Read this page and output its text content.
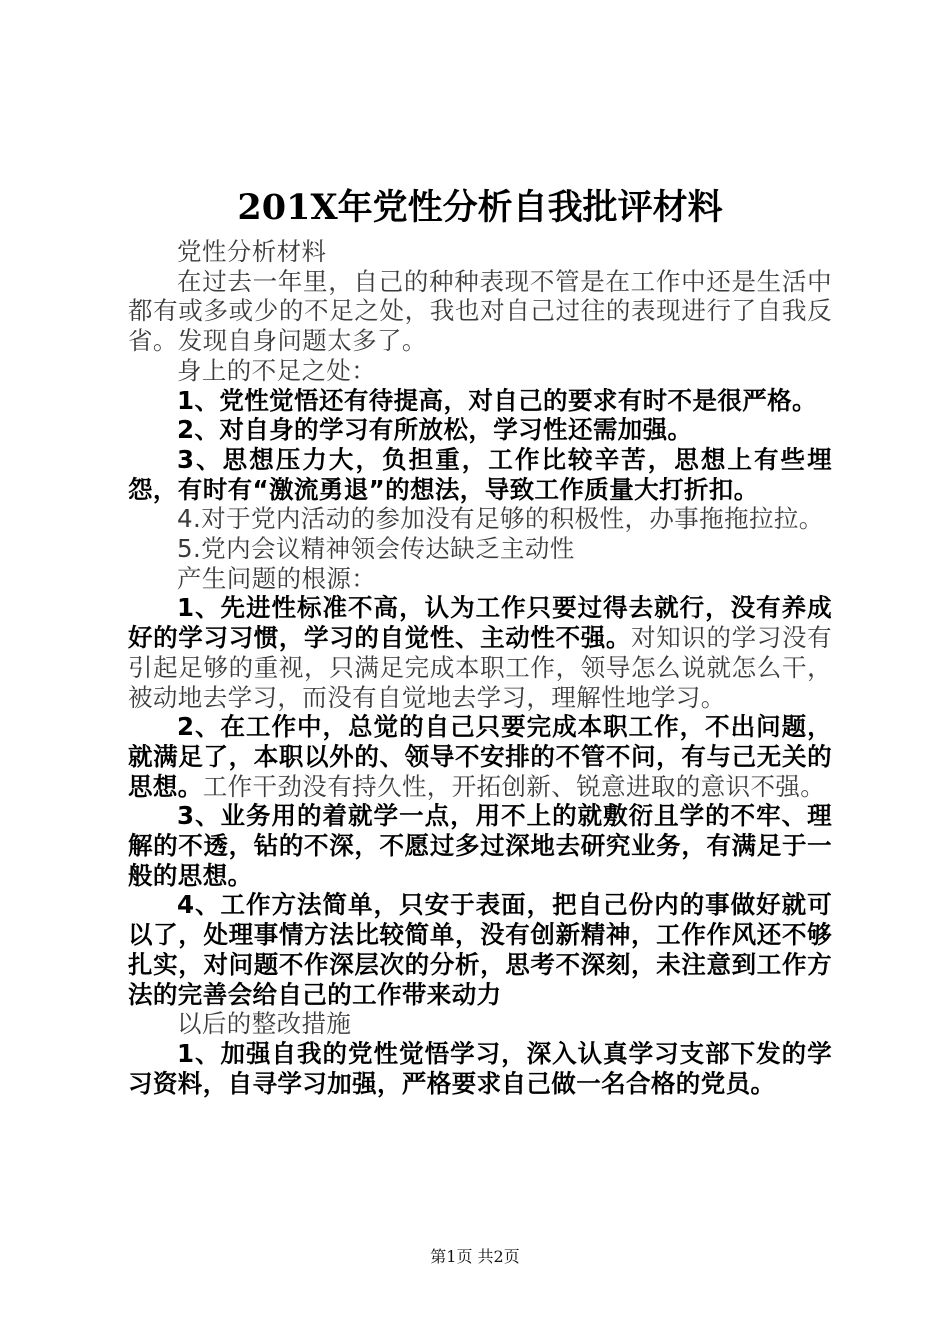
201X年党性分析自我批评材料

党性分析材料

在过去一年里，自己的种种表现不管是在工作中还是生活中都有或多或少的不足之处，我也对自己过往的表现进行了自我反省。发现自身问题太多了。

身上的不足之处：

1、党性觉悟还有待提高，对自己的要求有时不是很严格。

2、对自身的学习有所放松，学习性还需加强。

3、思想压力大，负担重，工作比较辛苦，思想上有些埋怨，有时有“激流勇退”的想法，导致工作质量大打折扣。

4.对于党内活动的参加没有足够的积极性，办事拖拖拉拉。

5.党内会议精神领会传达缺乏主动性

产生问题的根源：

1、先进性标准不高，认为工作只要过得去就行，没有养成好的学习习惯，学习的自觉性、主动性不强。对知识的学习没有引起足够的重视，只满足完成本职工作，领导怎么说就怎么干，被动地去学习，而没有自觉地去学习，理解性地学习。

2、在工作中，总觉的自己只要完成本职工作，不出问题，就满足了，本职以外的、领导不安排的不管不问，有与己无关的思想。工作干劲没有持久性，开拓创新、锐意进取的意识不强。

3、业务用的着就学一点，用不上的就敷衍且学的不牢、理解的不透，钻的不深，不愿过多过深地去研究业务，有满足于一般的思想。

4、工作方法简单，只安于表面，把自己份内的事做好就可以了，处理事情方法比较简单，没有创新精神，工作作风还不够扎实，对问题不作深层次的分析，思考不深刻，未注意到工作方法的完善会给自己的工作带来动力

以后的整改措施

1、加强自我的党性觉悟学习，深入认真学习支部下发的学习资料，自寻学习加强，严格要求自己做一名合格的党员。

第1页 共2页
